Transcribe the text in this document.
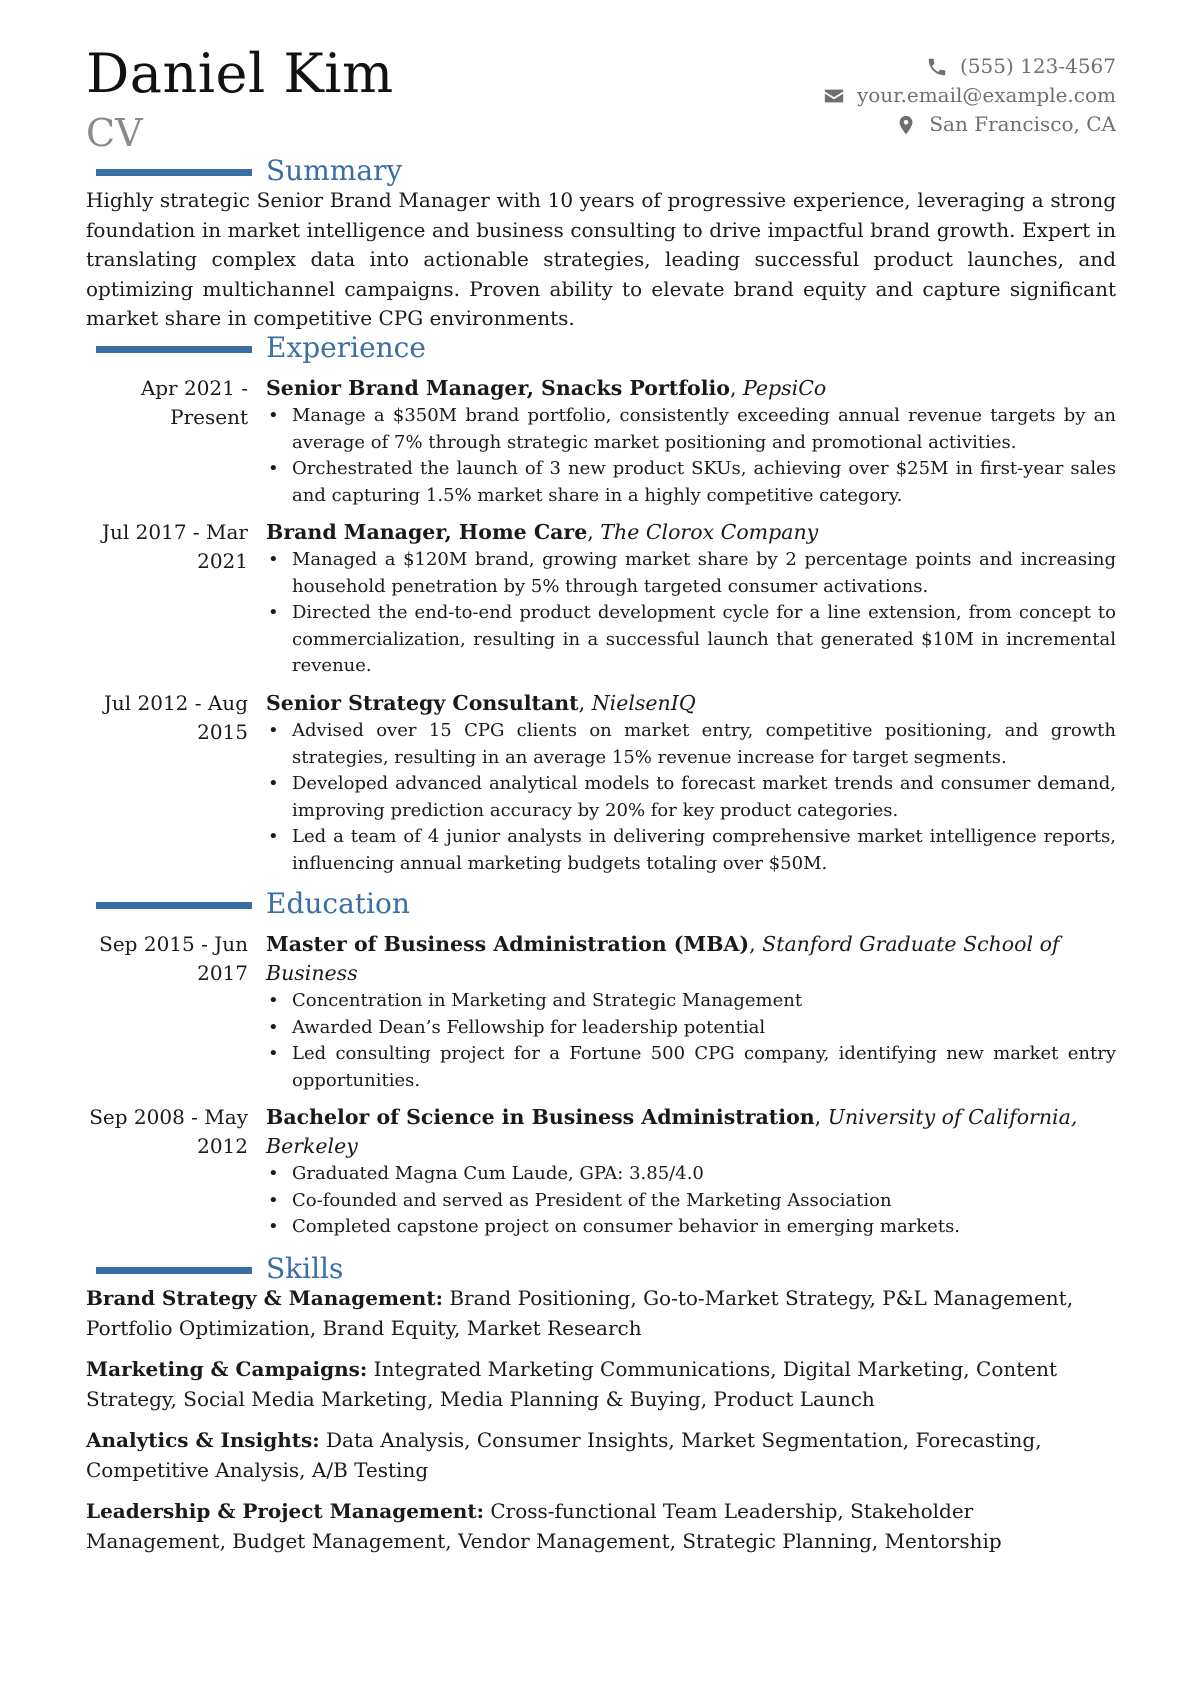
Daniel Kim
CV
(555) 123-4567
your.email@example.com
San Francisco, CA
Summary
Highly strategic Senior Brand Manager with 10 years of progressive experience, leveraging a strong foundation in market intelligence and business consulting to drive impactful brand growth. Expert in translating complex data into actionable strategies, leading successful product launches, and optimizing multichannel campaigns. Proven ability to elevate brand equity and capture significant market share in competitive CPG environments.
Experience
Apr 2021 - Present
Senior Brand Manager, Snacks Portfolio, PepsiCo
• Manage a $350M brand portfolio, consistently exceeding annual revenue targets by an average of 7% through strategic market positioning and promotional activities.
• Orchestrated the launch of 3 new product SKUs, achieving over $25M in first-year sales and capturing 1.5% market share in a highly competitive category.
Jul 2017 - Mar 2021
Brand Manager, Home Care, The Clorox Company
• Managed a $120M brand, growing market share by 2 percentage points and increasing household penetration by 5% through targeted consumer activations.
• Directed the end-to-end product development cycle for a line extension, from concept to commercialization, resulting in a successful launch that generated $10M in incremental revenue.
Jul 2012 - Aug 2015
Senior Strategy Consultant, NielsenIQ
• Advised over 15 CPG clients on market entry, competitive positioning, and growth strategies, resulting in an average 15% revenue increase for target segments.
• Developed advanced analytical models to forecast market trends and consumer demand, improving prediction accuracy by 20% for key product categories.
• Led a team of 4 junior analysts in delivering comprehensive market intelligence reports, influencing annual marketing budgets totaling over $50M.
Education
Sep 2015 - Jun 2017
Master of Business Administration (MBA), Stanford Graduate School of Business
• Concentration in Marketing and Strategic Management
• Awarded Dean’s Fellowship for leadership potential
• Led consulting project for a Fortune 500 CPG company, identifying new market entry opportunities.
Sep 2008 - May 2012
Bachelor of Science in Business Administration, University of California, Berkeley
• Graduated Magna Cum Laude, GPA: 3.85/4.0
• Co-founded and served as President of the Marketing Association
• Completed capstone project on consumer behavior in emerging markets.
Skills
Brand Strategy & Management: Brand Positioning, Go-to-Market Strategy, P&L Management, Portfolio Optimization, Brand Equity, Market Research
Marketing & Campaigns: Integrated Marketing Communications, Digital Marketing, Content Strategy, Social Media Marketing, Media Planning & Buying, Product Launch
Analytics & Insights: Data Analysis, Consumer Insights, Market Segmentation, Forecasting, Competitive Analysis, A/B Testing
Leadership & Project Management: Cross-functional Team Leadership, Stakeholder Management, Budget Management, Vendor Management, Strategic Planning, Mentorship
